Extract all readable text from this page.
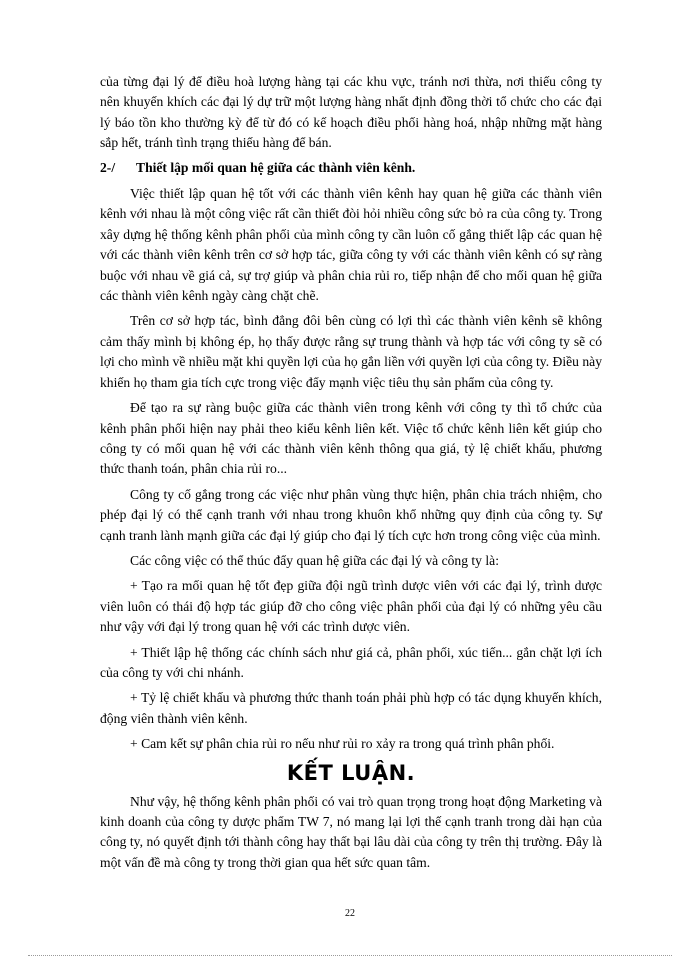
của từng đại lý để điều hoà lượng hàng tại các khu vực, tránh nơi thừa, nơi thiếu công ty nên khuyến khích các đại lý dự trữ một lượng hàng nhất định đồng thời tổ chức cho các đại lý báo tồn kho thường kỳ để từ đó có kế hoạch điều phối hàng hoá, nhập những mặt hàng sắp hết, tránh tình trạng thiếu hàng để bán.

2-/ Thiết lập mối quan hệ giữa các thành viên kênh.

Việc thiết lập quan hệ tốt với các thành viên kênh hay quan hệ giữa các thành viên kênh với nhau là một công việc rất cần thiết đòi hỏi nhiều công sức bỏ ra của công ty. Trong xây dựng hệ thống kênh phân phối của mình công ty cần luôn cố gắng thiết lập các quan hệ với các thành viên kênh trên cơ sở hợp tác, giữa công ty với các thành viên kênh có sự ràng buộc với nhau về giá cả, sự trợ giúp và phân chia rủi ro, tiếp nhận để cho mối quan hệ giữa các thành viên kênh ngày càng chặt chẽ.

Trên cơ sở hợp tác, bình đẳng đôi bên cùng có lợi thì các thành viên kênh sẽ không cảm thấy mình bị không ép, họ thấy được rằng sự trung thành và hợp tác với công ty sẽ có lợi cho mình về nhiều mặt khi quyền lợi của họ gắn liền với quyền lợi của công ty. Điều này khiến họ tham gia tích cực trong việc đẩy mạnh việc tiêu thụ sản phẩm của công ty.

Để tạo ra sự ràng buộc giữa các thành viên trong kênh với công ty thì tổ chức của kênh phân phối hiện nay phải theo kiểu kênh liên kết. Việc tổ chức kênh liên kết giúp cho công ty có mối quan hệ với các thành viên kênh thông qua giá, tỷ lệ chiết khấu, phương thức thanh toán, phân chia rủi ro...

Công ty cố gắng trong các việc như phân vùng thực hiện, phân chia trách nhiệm, cho phép đại lý có thể cạnh tranh với nhau trong khuôn khổ những quy định của công ty. Sự cạnh tranh lành mạnh giữa các đại lý giúp cho đại lý tích cực hơn trong công việc của mình.

Các công việc có thể thúc đẩy quan hệ giữa các đại lý và công ty là:

+ Tạo ra mối quan hệ tốt đẹp giữa đội ngũ trình dược viên với các đại lý, trình dược viên luôn có thái độ hợp tác giúp đỡ cho công việc phân phối của đại lý có những yêu cầu như vậy với đại lý trong quan hệ với các trình dược viên.

+ Thiết lập hệ thống các chính sách như giá cả, phân phối, xúc tiến... gắn chặt lợi ích của công ty với chi nhánh.

+ Tỷ lệ chiết khấu và phương thức thanh toán phải phù hợp có tác dụng khuyến khích, động viên thành viên kênh.

+ Cam kết sự phân chia rủi ro nếu như rủi ro xảy ra trong quá trình phân phối.

KẾT LUẬN.

Như vậy, hệ thống kênh phân phối có vai trò quan trọng trong hoạt động Marketing và kinh doanh của công ty dược phẩm TW 7, nó mang lại lợi thế cạnh tranh trong dài hạn của công ty, nó quyết định tới thành công hay thất bại lâu dài của công ty trên thị trường. Đây là một vấn đề mà công ty trong thời gian qua hết sức quan tâm.

22
